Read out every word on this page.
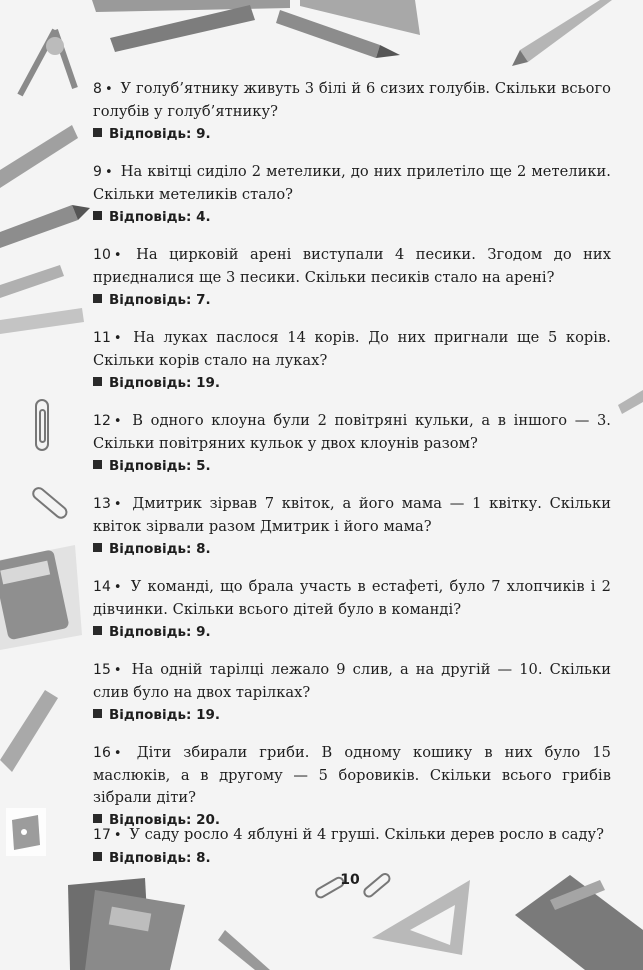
8 • У голуб’ятнику живуть 3 білі й 6 сизих голубів. Скільки всього голубів у голуб’ятнику?

Відповідь: 9.

9 • На квітці сиділо 2 метелики, до них прилетіло ще 2 метелики. Скільки метеликів стало?

Відповідь: 4.

10 • На цирковій арені виступали 4 песики. Згодом до них приєдналися ще 3 песики. Скільки песиків стало на арені?

Відповідь: 7.

11 • На луках паслося 14 корів. До них пригнали ще 5 корів. Скільки корів стало на луках?

Відповідь: 19.

12 • В одного клоуна були 2 повітряні кульки, а в іншого — 3. Скільки повітряних кульок у двох клоунів разом?

Відповідь: 5.

13 • Дмитрик зірвав 7 квіток, а його мама — 1 квітку. Скільки квіток зірвали разом Дмитрик і його мама?

Відповідь: 8.

14 • У команді, що брала участь в естафеті, було 7 хлопчиків і 2 дівчинки. Скільки всього дітей було в команді?

Відповідь: 9.

15 • На одній тарілці лежало 9 слив, а на другій — 10. Скільки слив було на двох тарілках?

Відповідь: 19.

16 • Діти збирали гриби. В одному кошику в них було 15 маслюків, а в другому — 5 боровиків. Скільки всього грибів зібрали діти?

Відповідь: 20.

17 • У саду росло 4 яблуні й 4 груші. Скільки дерев росло в саду?

Відповідь: 8.
10
